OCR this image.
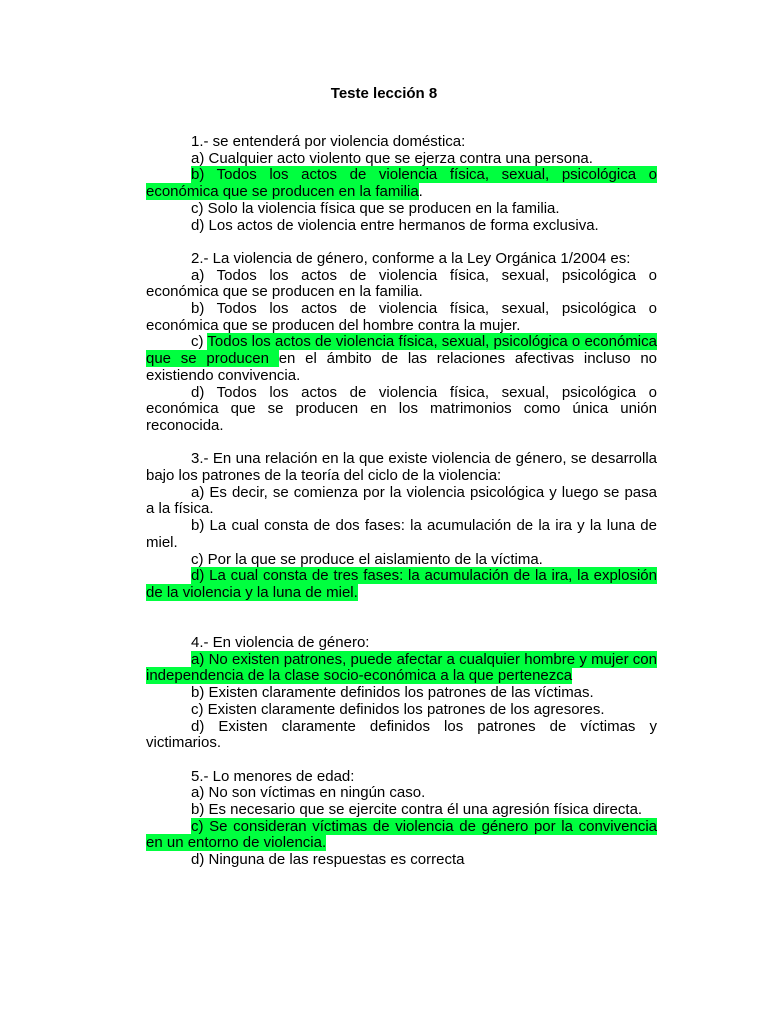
Teste lección 8

1.- se entenderá por violencia doméstica:

a) Cualquier acto violento que se ejerza contra una persona.

b) Todos los actos de violencia física, sexual, psicológica o económica que se producen en la familia.

c) Solo la violencia física que se producen en la familia.

d) Los actos de violencia entre hermanos de forma exclusiva.

2.- La violencia de género, conforme a la Ley Orgánica 1/2004 es:

a) Todos los actos de violencia física, sexual, psicológica o económica que se producen en la familia.

b) Todos los actos de violencia física, sexual, psicológica o económica que se producen del hombre contra la mujer.

c) Todos los actos de violencia física, sexual, psicológica o económica que se producen en el ámbito de las relaciones afectivas incluso no existiendo convivencia.

d) Todos los actos de violencia física, sexual, psicológica o económica que se producen en los matrimonios como única unión reconocida.

3.- En una relación en la que existe violencia de género, se desarrolla bajo los patrones de la teoría del ciclo de la violencia:

a) Es decir, se comienza por la violencia psicológica y luego se pasa a la física.

b) La cual consta de dos fases: la acumulación de la ira y la luna de miel.

c) Por la que se produce el aislamiento de la víctima.

d) La cual consta de tres fases: la acumulación de la ira, la explosión de la violencia y la luna de miel.

4.- En violencia de género:

a) No existen patrones, puede afectar a cualquier hombre y mujer con independencia de la clase socio-económica a la que pertenezca

b) Existen claramente definidos los patrones de las víctimas.

c) Existen claramente definidos los patrones de los agresores.

d) Existen claramente definidos los patrones de víctimas y victimarios.

5.- Lo menores de edad:

a) No son víctimas en ningún caso.

b) Es necesario que se ejercite contra él una agresión física directa.

c) Se consideran víctimas de violencia de género por la convivencia en un entorno de violencia.

d) Ninguna de las respuestas es correcta
